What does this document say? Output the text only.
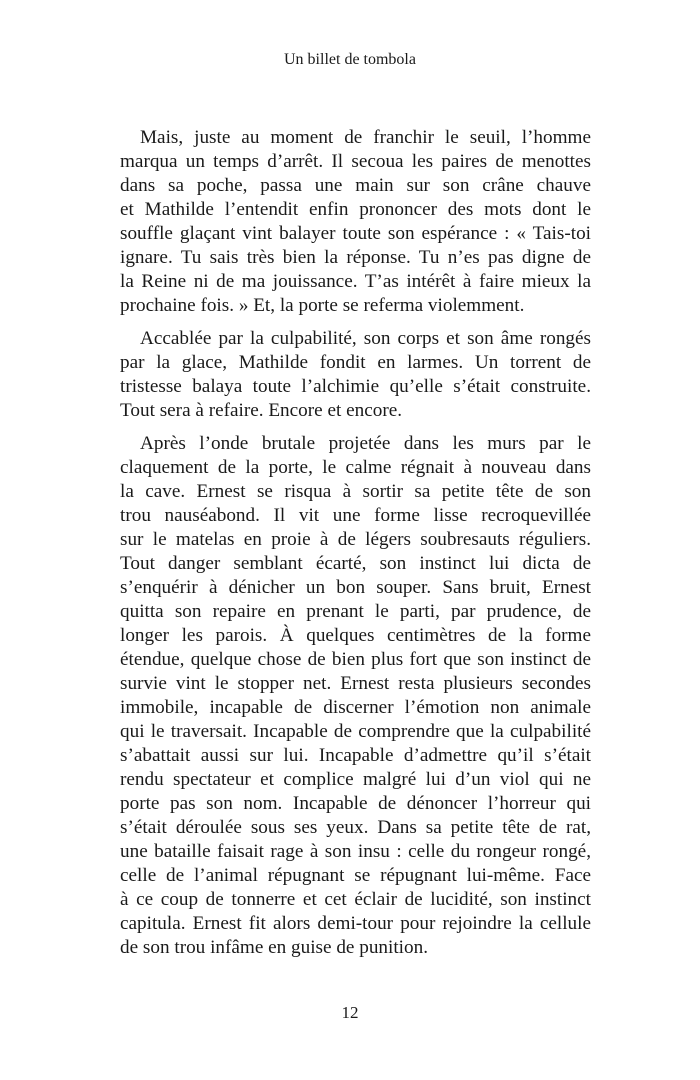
Un billet de tombola

Mais, juste au moment de franchir le seuil, l’homme
marqua un temps d’arrêt. Il secoua les paires de menottes
dans sa poche, passa une main sur son crâne chauve
et Mathilde l’entendit enfin prononcer des mots dont le
souffle glaçant vint balayer toute son espérance : « Tais-toi
ignare. Tu sais très bien la réponse. Tu n’es pas digne de
la Reine ni de ma jouissance. T’as intérêt à faire mieux la
prochaine fois. » Et, la porte se referma violemment.

Accablée par la culpabilité, son corps et son âme rongés
par la glace, Mathilde fondit en larmes. Un torrent de
tristesse balaya toute l’alchimie qu’elle s’était construite.
Tout sera à refaire. Encore et encore.

Après l’onde brutale projetée dans les murs par le
claquement de la porte, le calme régnait à nouveau dans
la cave. Ernest se risqua à sortir sa petite tête de son
trou nauséabond. Il vit une forme lisse recroquevillée
sur le matelas en proie à de légers soubresauts réguliers.
Tout danger semblant écarté, son instinct lui dicta de
s’enquérir à dénicher un bon souper. Sans bruit, Ernest
quitta son repaire en prenant le parti, par prudence, de
longer les parois. À quelques centimètres de la forme
étendue, quelque chose de bien plus fort que son instinct de
survie vint le stopper net. Ernest resta plusieurs secondes
immobile, incapable de discerner l’émotion non animale
qui le traversait. Incapable de comprendre que la culpabilité
s’abattait aussi sur lui. Incapable d’admettre qu’il s’était
rendu spectateur et complice malgré lui d’un viol qui ne
porte pas son nom. Incapable de dénoncer l’horreur qui
s’était déroulée sous ses yeux. Dans sa petite tête de rat,
une bataille faisait rage à son insu : celle du rongeur rongé,
celle de l’animal répugnant se répugnant lui-même. Face
à ce coup de tonnerre et cet éclair de lucidité, son instinct
capitula. Ernest fit alors demi-tour pour rejoindre la cellule
de son trou infâme en guise de punition.

12
